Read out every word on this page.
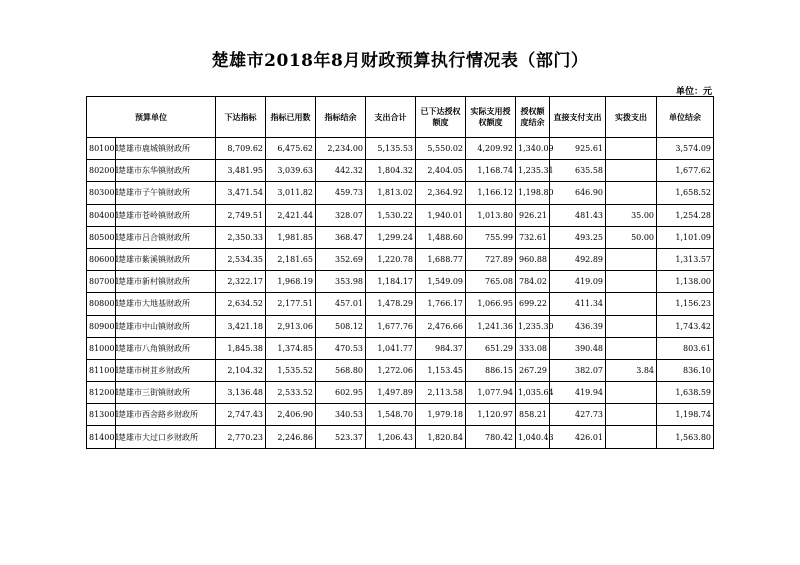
楚雄市2018年8月财政预算执行情况表（部门）
单位：元
预算单位		下达指标	指标已用数	指标结余	支出合计	已下达授权额度	实际支用授权额度	授权额度结余	直接支付支出	实拨支出	单位结余
801001	楚雄市鹿城镇财政所	8,709.62	6,475.62	2,234.00	5,135.53	5,550.02	4,209.92	1,340.09	925.61		3,574.09
802001	楚雄市东华镇财政所	3,481.95	3,039.63	442.32	1,804.32	2,404.05	1,168.74	1,235.31	635.58		1,677.62
803001	楚雄市子午镇财政所	3,471.54	3,011.82	459.73	1,813.02	2,364.92	1,166.12	1,198.80	646.90		1,658.52
804001	楚雄市苍岭镇财政所	2,749.51	2,421.44	328.07	1,530.22	1,940.01	1,013.80	926.21	481.43	35.00	1,254.28
805001	楚雄市吕合镇财政所	2,350.33	1,981.85	368.47	1,299.24	1,488.60	755.99	732.61	493.25	50.00	1,101.09
806001	楚雄市紫溪镇财政所	2,534.35	2,181.65	352.69	1,220.78	1,688.77	727.89	960.88	492.89		1,313.57
807001	楚雄市新村镇财政所	2,322.17	1,968.19	353.98	1,184.17	1,549.09	765.08	784.02	419.09		1,138.00
808001	楚雄市大地基财政所	2,634.52	2,177.51	457.01	1,478.29	1,766.17	1,066.95	699.22	411.34		1,156.23
809001	楚雄市中山镇财政所	3,421.18	2,913.06	508.12	1,677.76	2,476.66	1,241.36	1,235.30	436.39		1,743.42
810001	楚雄市八角镇财政所	1,845.38	1,374.85	470.53	1,041.77	984.37	651.29	333.08	390.48		803.61
811001	楚雄市树苴乡财政所	2,104.32	1,535.52	568.80	1,272.06	1,153.45	886.15	267.29	382.07	3.84	836.10
812001	楚雄市三街镇财政所	3,136.48	2,533.52	602.95	1,497.89	2,113.58	1,077.94	1,035.64	419.94		1,638.59
813001	楚雄市西舍路乡财政所	2,747.43	2,406.90	340.53	1,548.70	1,979.18	1,120.97	858.21	427.73		1,198.74
814001	楚雄市大过口乡财政所	2,770.23	2,246.86	523.37	1,206.43	1,820.84	780.42	1,040.43	426.01		1,563.80
